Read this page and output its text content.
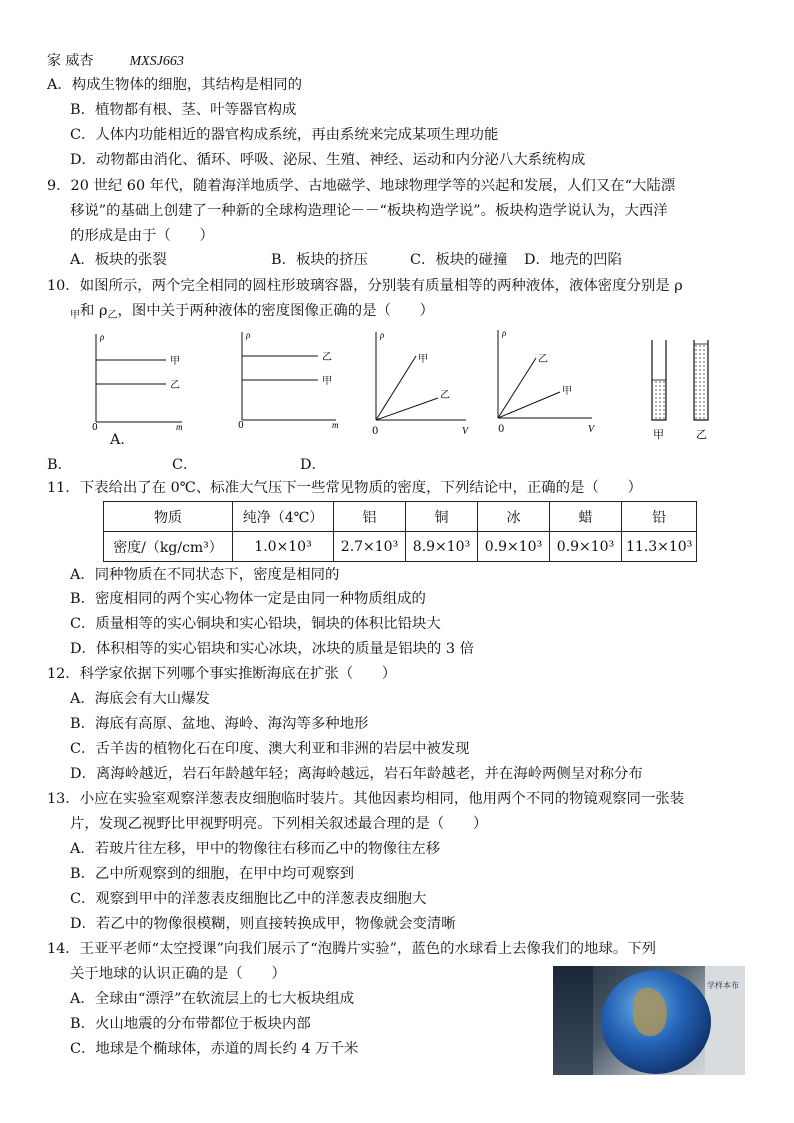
家 威杏	MXSJ663
A．构成生物体的细胞，其结构是相同的
B．植物都有根、茎、叶等器官构成
C．人体内功能相近的器官构成系统，再由系统来完成某项生理功能
D．动物都由消化、循环、呼吸、泌尿、生殖、神经、运动和内分泌八大系统构成
9．20 世纪 60 年代，随着海洋地质学、古地磁学、地球物理学等的兴起和发展，人们又在“大陆漂
移说”的基础上创建了一种新的全球构造理论－－“板块构造学说”。板块构造学说认为，大西洋
的形成是由于（　　）
A．板块的张裂	B．板块的挤压	C．板块的碰撞 D．地壳的凹陷
10．如图所示，两个完全相同的圆柱形玻璃容器，分别装有质量相等的两种液体，液体密度分别是 ρ
$_甲$和 $\rho_乙$，图中关于两种液体的密度图像正确的是（　　）
ρ
甲
乙
0	m
A．
ρ
乙
甲
0	m
ρ
甲
乙
0	V
ρ
乙
甲
0	V	甲	乙
B．	C．	D．
11．下表给出了在 0℃、标准大气压下一些常见物质的密度，下列结论中，正确的是（　　）
物质	纯净（4℃）	铝	铜	冰	蜡	铅
密度/（kg/cm³）	1.0×10³	2.7×10³	8.9×10³	0.9×10³	0.9×10³	11.3×10³
A．同种物质在不同状态下，密度是相同的
B．密度相同的两个实心物体一定是由同一种物质组成的
C．质量相等的实心铜块和实心铅块，铜块的体积比铅块大
D．体积相等的实心铝块和实心冰块，冰块的质量是铝块的 3 倍
12．科学家依据下列哪个事实推断海底在扩张（　　）
A．海底会有大山爆发
B．海底有高原、盆地、海岭、海沟等多种地形
C．舌羊齿的植物化石在印度、澳大利亚和非洲的岩层中被发现
D．离海岭越近，岩石年龄越年轻；离海岭越远，岩石年龄越老，并在海岭两侧呈对称分布
13．小应在实验室观察洋葱表皮细胞临时装片。其他因素均相同，他用两个不同的物镜观察同一张装
片，发现乙视野比甲视野明亮。下列相关叙述最合理的是（　　）
A．若玻片往左移，甲中的物像往右移而乙中的物像往左移
B．乙中所观察到的细胞，在甲中均可观察到
C．观察到甲中的洋葱表皮细胞比乙中的洋葱表皮细胞大
D．若乙中的物像很模糊，则直接转换成甲，物像就会变清晰
14．王亚平老师“太空授课”向我们展示了“泡腾片实验”，蓝色的水球看上去像我们的地球。下列
关于地球的认识正确的是（　　）
A．全球由“漂浮”在软流层上的七大板块组成
B．火山地震的分布带都位于板块内部
C．地球是个椭球体，赤道的周长约 4 万千米
学样本布
